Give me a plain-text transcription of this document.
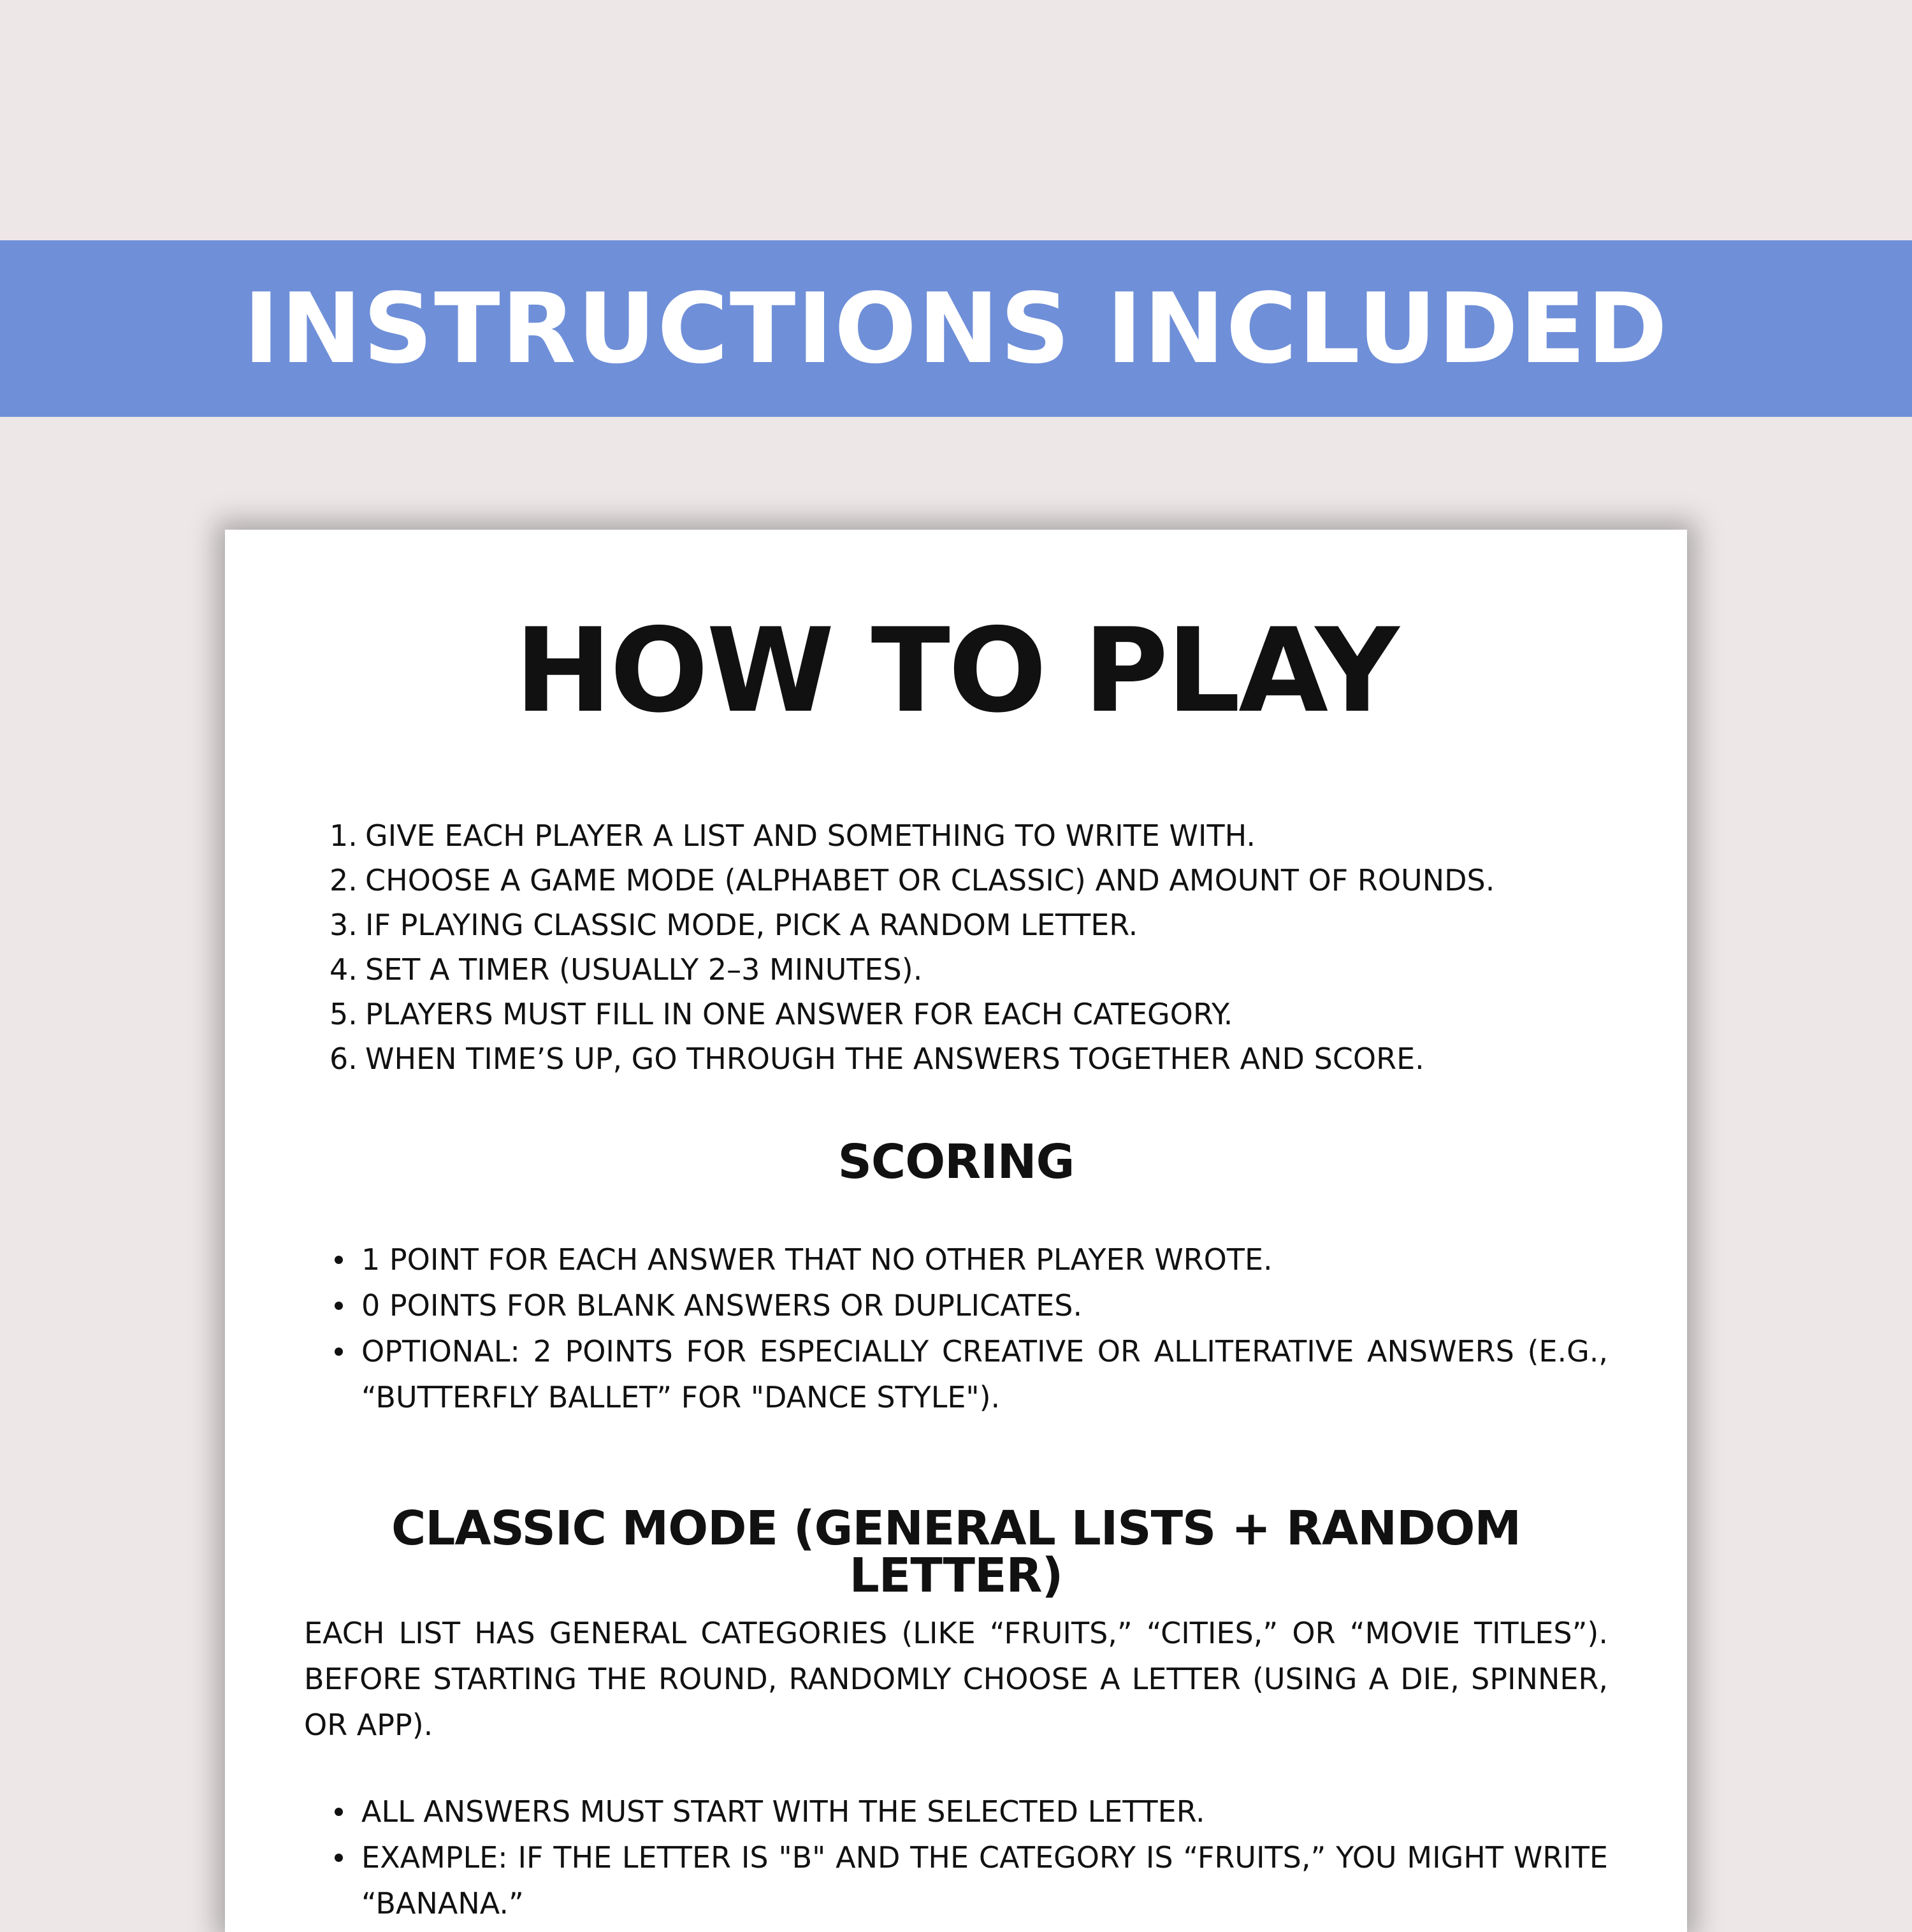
INSTRUCTIONS INCLUDED
HOW TO PLAY
1. GIVE EACH PLAYER A LIST AND SOMETHING TO WRITE WITH.
2. CHOOSE A GAME MODE (ALPHABET OR CLASSIC) AND AMOUNT OF ROUNDS.
3. IF PLAYING CLASSIC MODE, PICK A RANDOM LETTER.
4. SET A TIMER (USUALLY 2–3 MINUTES).
5. PLAYERS MUST FILL IN ONE ANSWER FOR EACH CATEGORY.
6. WHEN TIME’S UP, GO THROUGH THE ANSWERS TOGETHER AND SCORE.
SCORING
1 POINT FOR EACH ANSWER THAT NO OTHER PLAYER WROTE.
0 POINTS FOR BLANK ANSWERS OR DUPLICATES.
OPTIONAL: 2 POINTS FOR ESPECIALLY CREATIVE OR ALLITERATIVE ANSWERS (E.G., “BUTTERFLY BALLET” FOR "DANCE STYLE").
CLASSIC MODE (GENERAL LISTS + RANDOM LETTER)

EACH LIST HAS GENERAL CATEGORIES (LIKE “FRUITS,” “CITIES,” OR “MOVIE TITLES”). BEFORE STARTING THE ROUND, RANDOMLY CHOOSE A LETTER (USING A DIE, SPINNER, OR APP).

ALL ANSWERS MUST START WITH THE SELECTED LETTER.
EXAMPLE: IF THE LETTER IS "B" AND THE CATEGORY IS “FRUITS,” YOU MIGHT WRITE “BANANA.”
